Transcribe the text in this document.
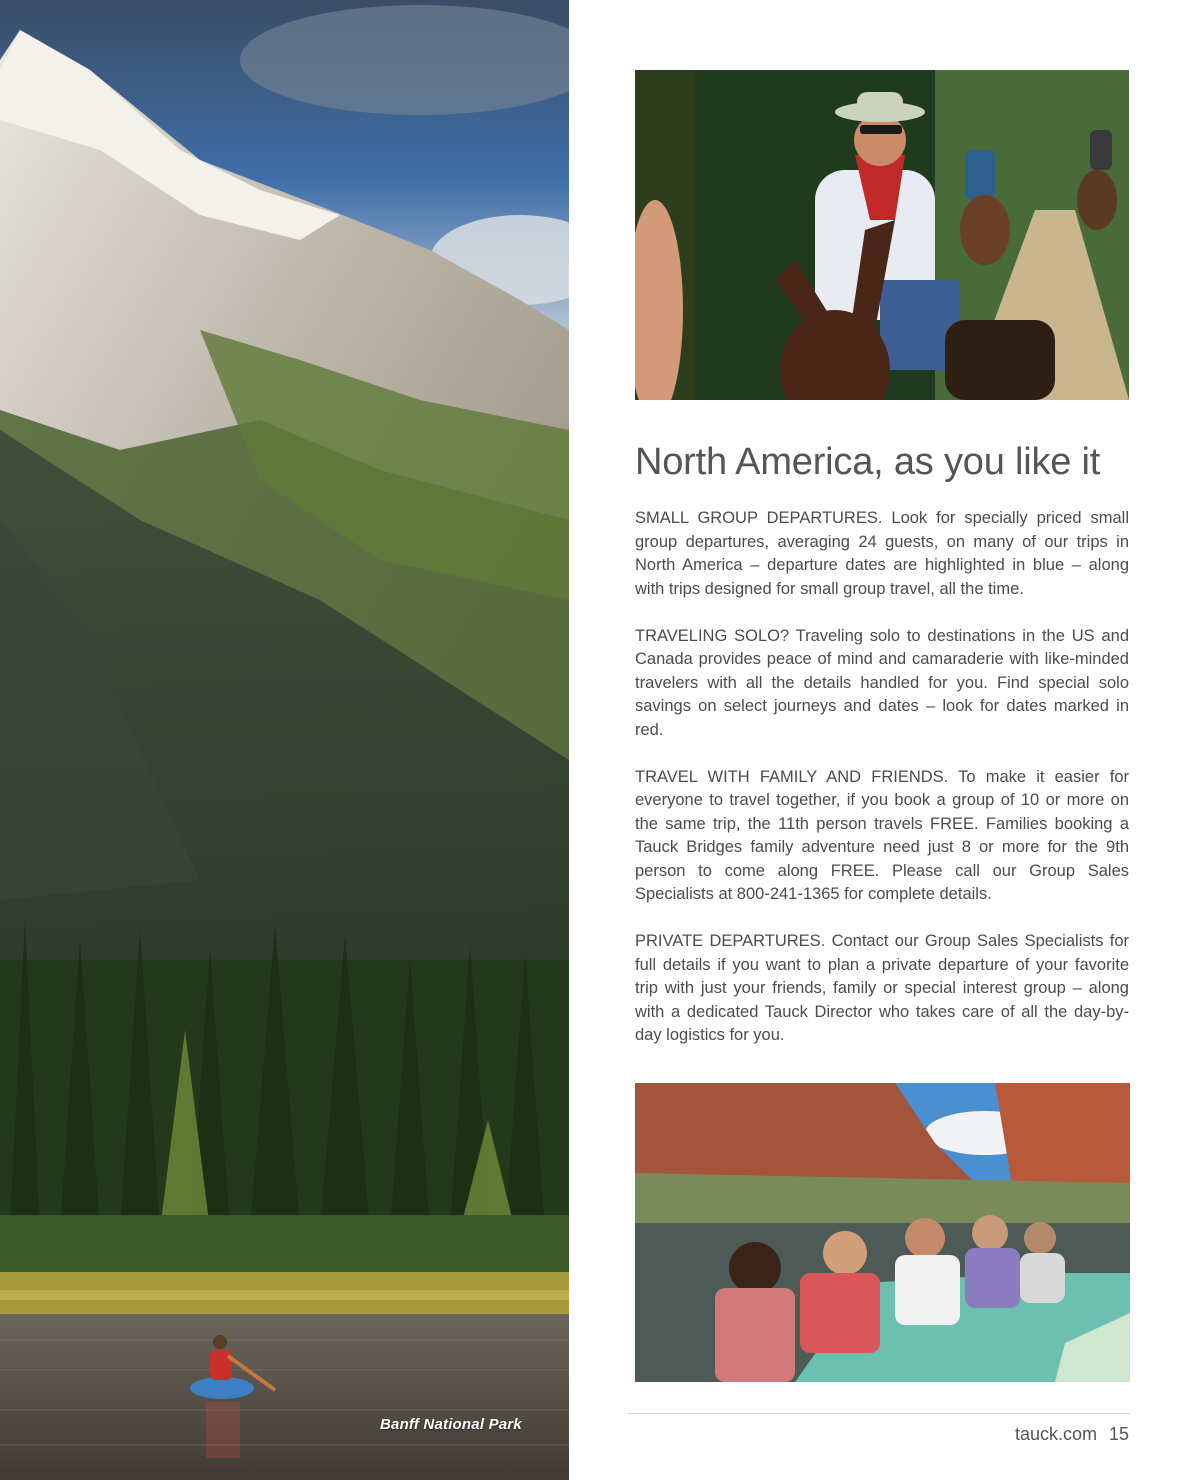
Banff National Park
North America, as you like it

SMALL GROUP DEPARTURES. Look for specially priced small group departures, averaging 24 guests, on many of our trips in North America – departure dates are highlighted in blue – along with trips designed for small group travel, all the time.

TRAVELING SOLO? Traveling solo to destinations in the US and Canada provides peace of mind and camaraderie with like-minded travelers with all the details handled for you. Find special solo savings on select journeys and dates – look for dates marked in red.

TRAVEL WITH FAMILY AND FRIENDS. To make it easier for everyone to travel together, if you book a group of 10 or more on the same trip, the 11th person travels FREE. Families booking a Tauck Bridges family adventure need just 8 or more for the 9th person to come along FREE. Please call our Group Sales Specialists at 800-241-1365 for complete details.

PRIVATE DEPARTURES. Contact our Group Sales Specialists for full details if you want to plan a private departure of your favorite trip with just your friends, family or special interest group – along with a dedicated Tauck Director who takes care of all the day-by-day logistics for you.

tauck.com 15
